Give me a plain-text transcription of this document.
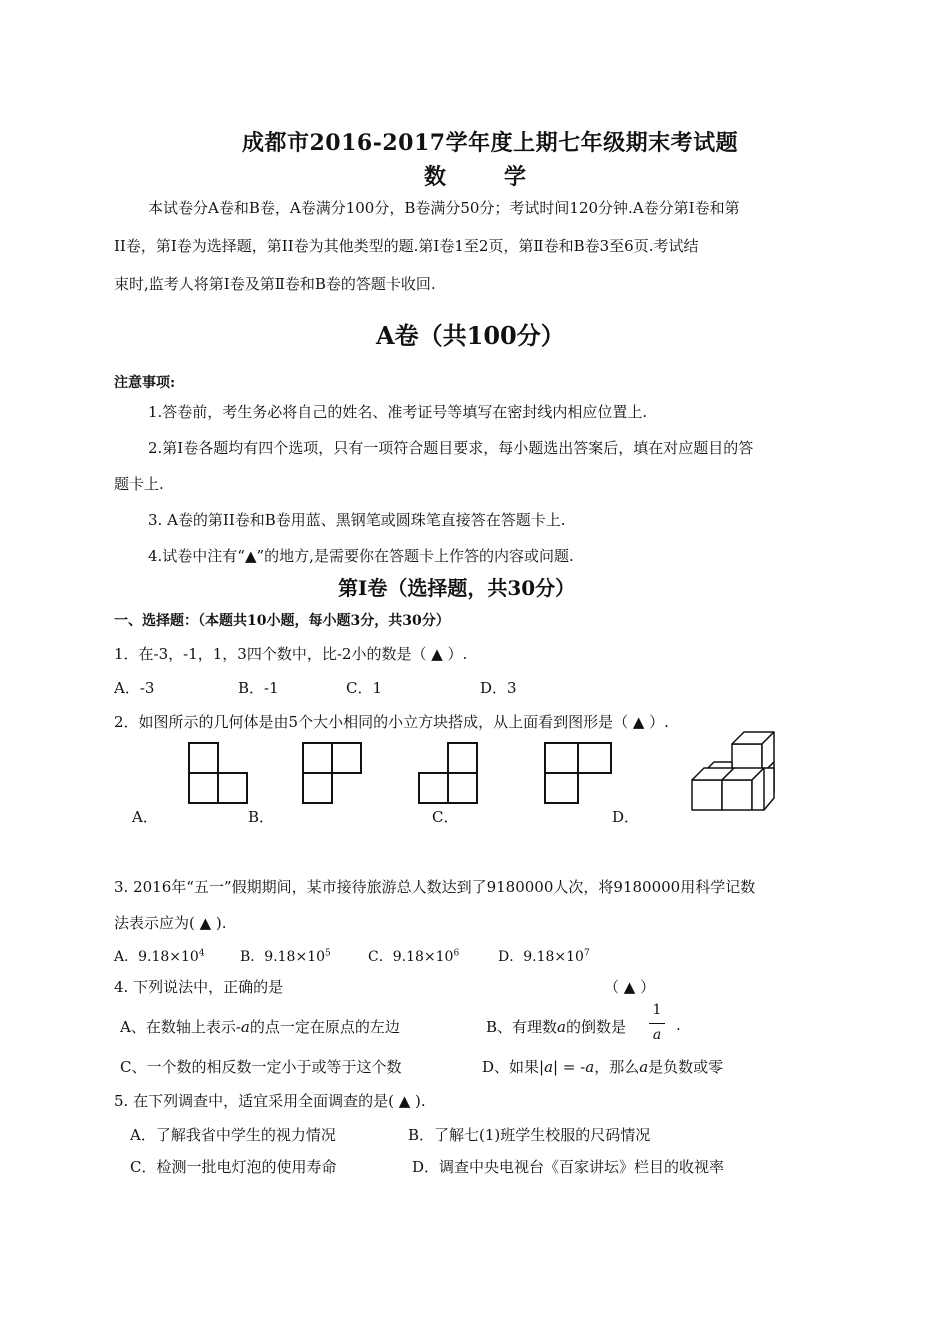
成都市2016-2017学年度上期七年级期末考试题
数学
本试卷分A卷和B卷，A卷满分100分，B卷满分50分；考试时间120分钟.A卷分第Ⅰ卷和第
II卷，第Ⅰ卷为选择题，第II卷为其他类型的题.第Ⅰ卷1至2页，第Ⅱ卷和B卷3至6页.考试结
束时,监考人将第Ⅰ卷及第Ⅱ卷和B卷的答题卡收回.
A卷（共100分）
注意事项:
1.答卷前，考生务必将自己的姓名、准考证号等填写在密封线内相应位置上.
2.第Ⅰ卷各题均有四个选项，只有一项符合题目要求，每小题选出答案后，填在对应题目的答
题卡上.
3. A卷的第II卷和B卷用蓝、黑钢笔或圆珠笔直接答在答题卡上.
4.试卷中注有“▲”的地方,是需要你在答题卡上作答的内容或问题.
第Ⅰ卷（选择题，共30分）
一、选择题：（本题共10小题，每小题3分，共30分）
1．在-3，-1，1，3四个数中，比-2小的数是（ ▲ ）.
A．-3	B．-1	C．1	D．3
2．如图所示的几何体是由5个大小相同的小立方块搭成，从上面看到图形是（ ▲ ）.
A．	B．	C．	D．
3. 2016年“五一”假期期间，某市接待旅游总人数达到了9180000人次，将9180000用科学记数
法表示应为( ▲ ).
A．$9.18\times 10^4$	B．$9.18\times 10^5$	C．$9.18\times 10^6$	D．$9.18\times 10^7$
4. 下列说法中，正确的是	（ ▲ ）
A、在数轴上表示-a的点一定在原点的左边	B、有理数a的倒数是
1
a
.
C、一个数的相反数一定小于或等于这个数	D、如果|a| = -a，那么a是负数或零
5. 在下列调查中，适宜采用全面调查的是( ▲ ).
A．了解我省中学生的视力情况	B．了解七(1)班学生校服的尺码情况
C．检测一批电灯泡的使用寿命	D．调查中央电视台《百家讲坛》栏目的收视率
